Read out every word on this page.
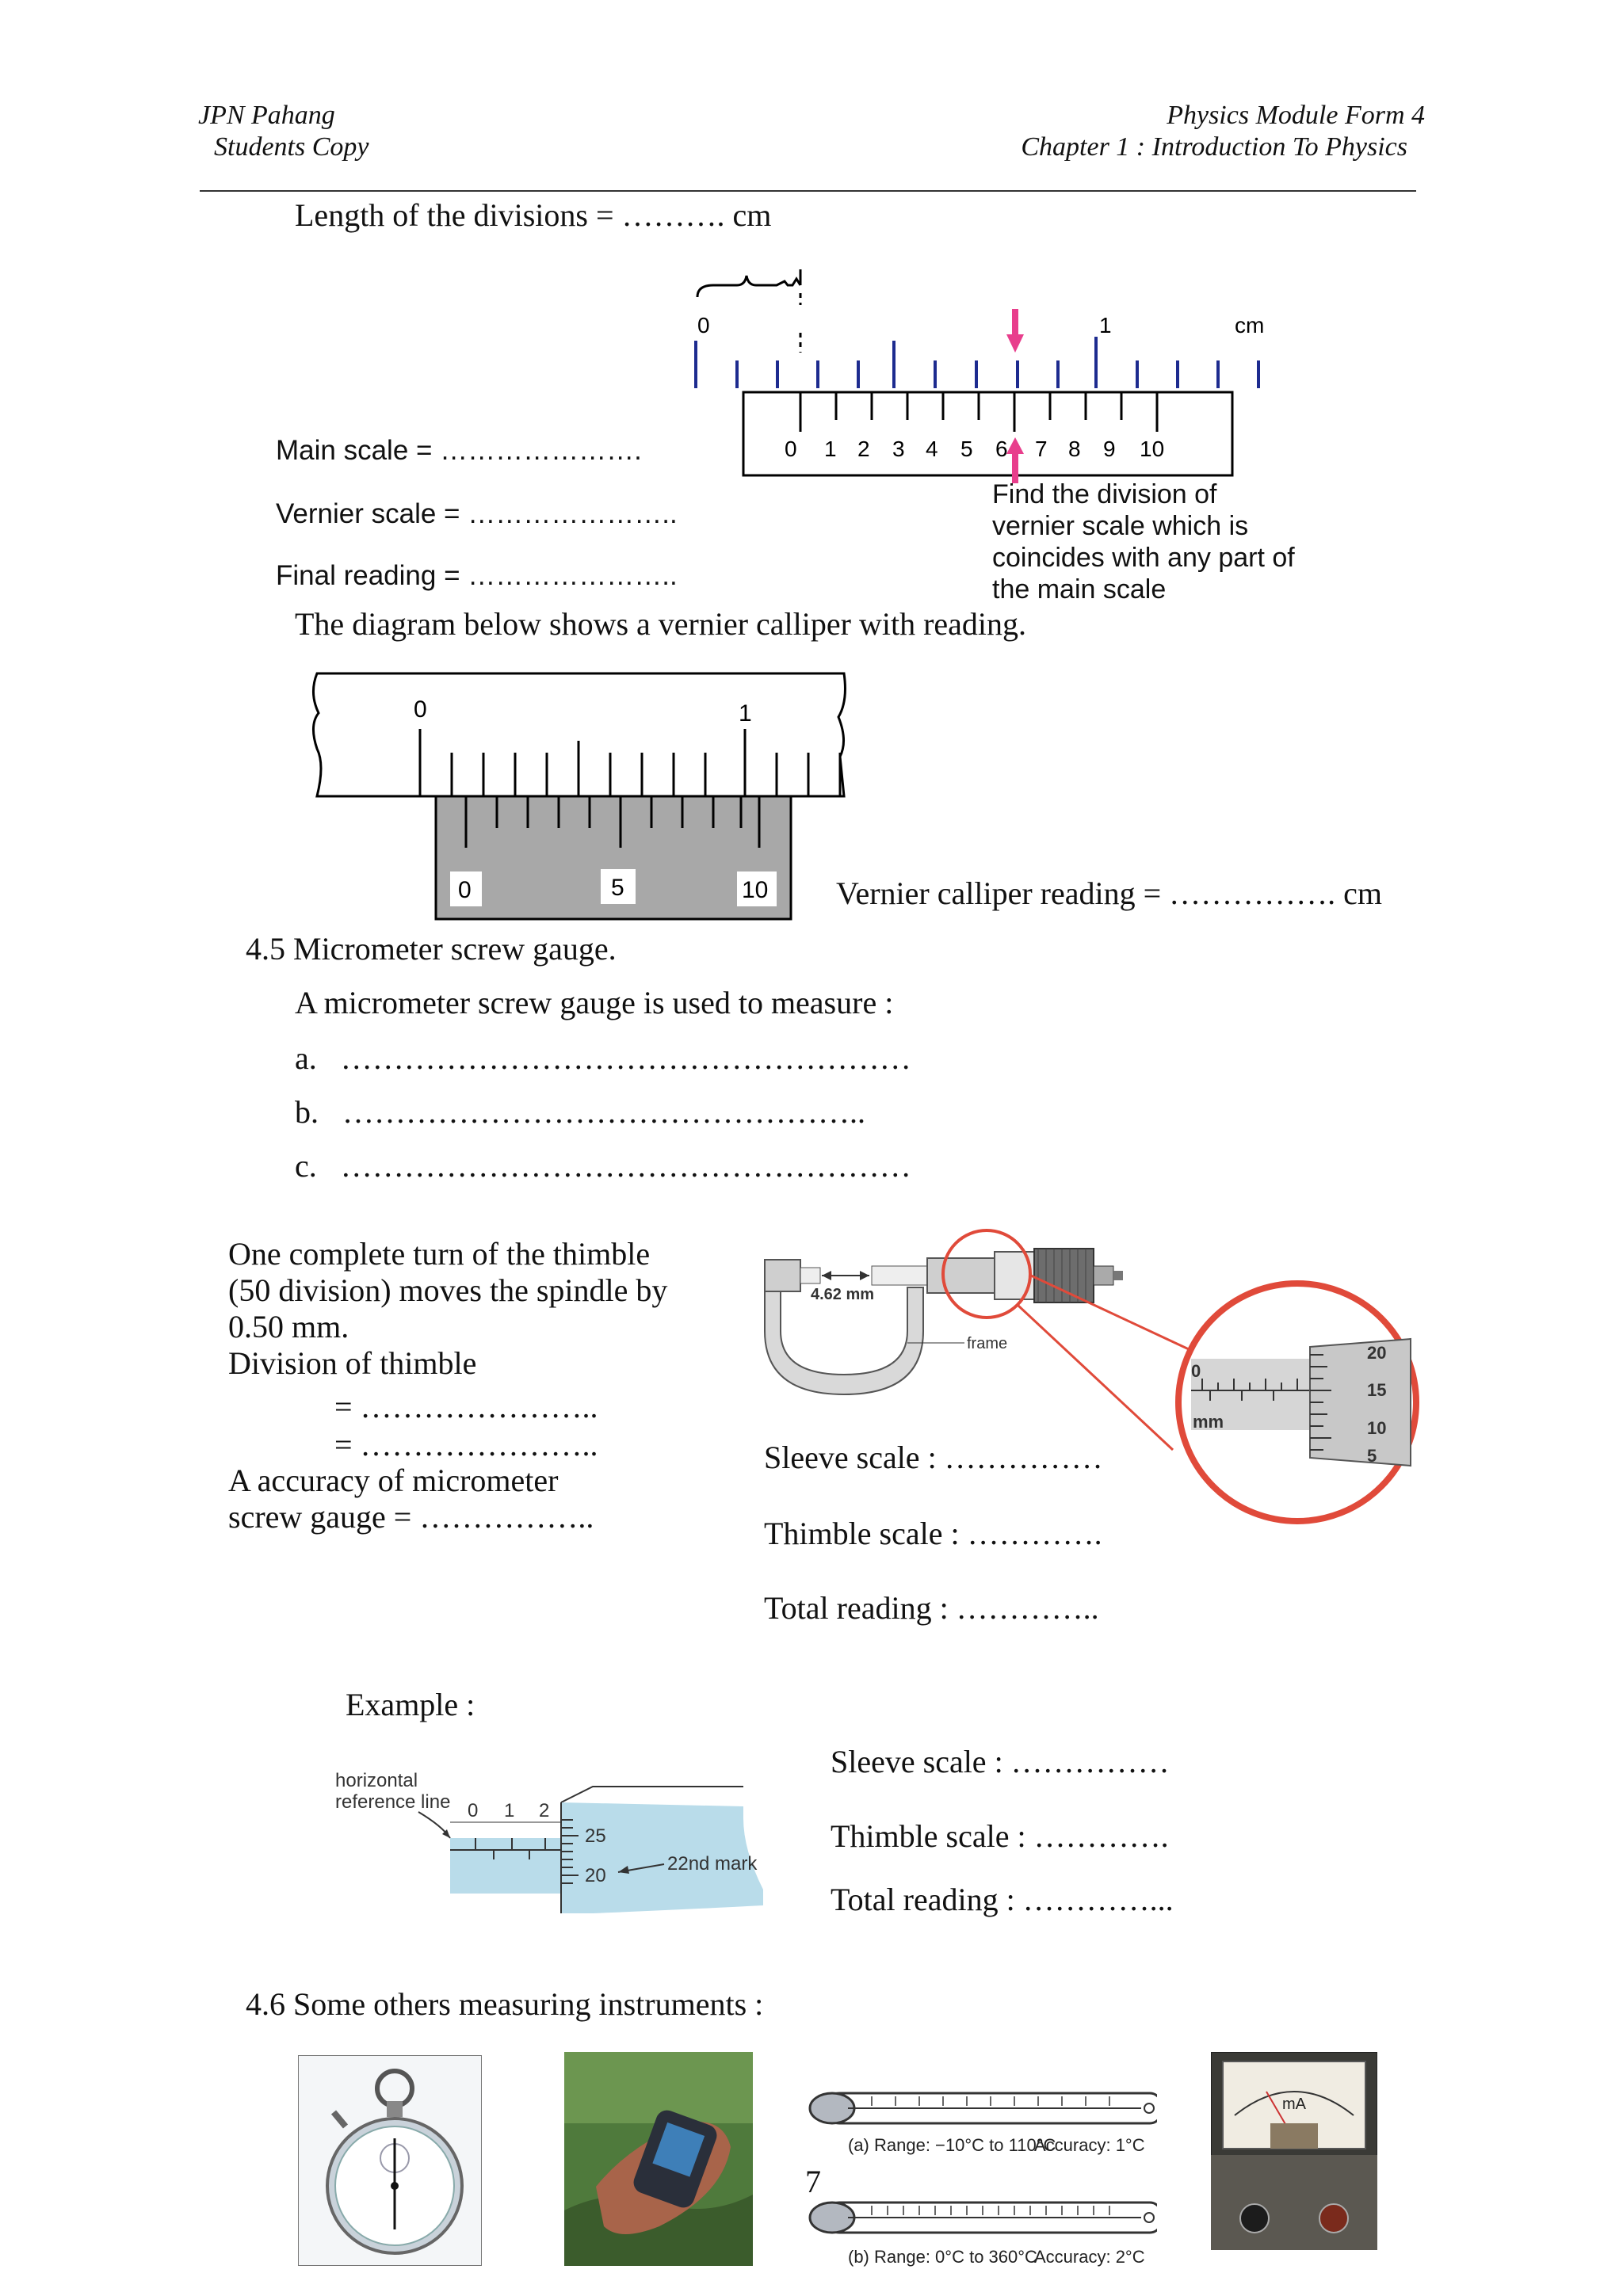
JPN Pahang
Students Copy
Physics Module Form 4
Chapter 1 : Introduction To Physics
Length of the divisions = ………. cm
0	1	cm
0 1 2 3 4 5 6 7 8 9 10
Main scale = ………………….
Vernier scale = …………………..
Final reading = …………………..
Find the division of
vernier scale which is
coincides with any part of
the main scale
The diagram below shows a vernier calliper with reading.
0	1
0	5	10 Vernier calliper reading = ……………. cm
4.5 Micrometer screw gauge.
A micrometer screw gauge is used to measure :
a. ………………………………………………
b. …………………………………………..
c. ………………………………………………
One complete turn of the thimble
(50 division) moves the spindle by
0.50 mm.
Division of thimble
= …………………..
= …………………..
A accuracy of micrometer
screw gauge = ……………..
4.62 mm
frame
0
mm
20
15
10
5
Sleeve scale : ……………
Thimble scale : ………….
Total reading : …………..
Example :
horizontal
reference line 0 1 2
25
20
22nd mark
Sleeve scale : ……………
Thimble scale : ………….
Total reading : …………...
4.6 Some others measuring instruments :
(a) Range: −10°C to 110°C
Accuracy: 1°C
(b) Range: 0°C to 360°C
Accuracy: 2°C
7
mA
